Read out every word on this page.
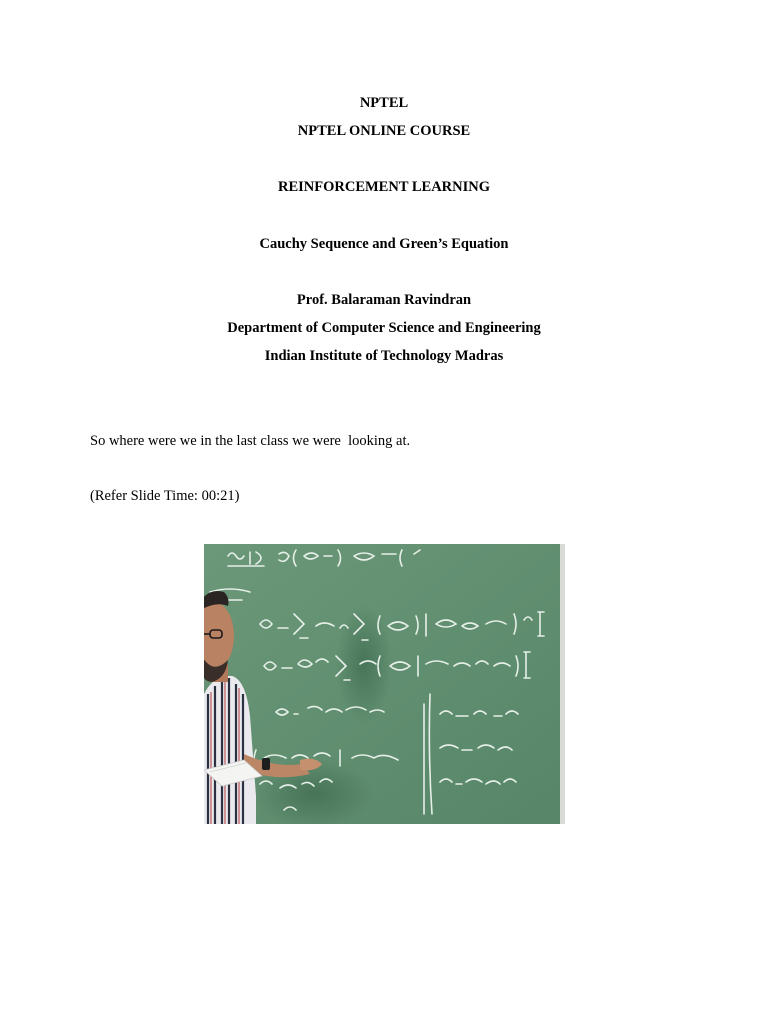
NPTEL
NPTEL ONLINE COURSE
REINFORCEMENT LEARNING
Cauchy Sequence and Green’s Equation
Prof. Balaraman Ravindran
Department of Computer Science and Engineering
Indian Institute of Technology Madras
So where were we in the last class we were  looking at.
(Refer Slide Time: 00:21)
